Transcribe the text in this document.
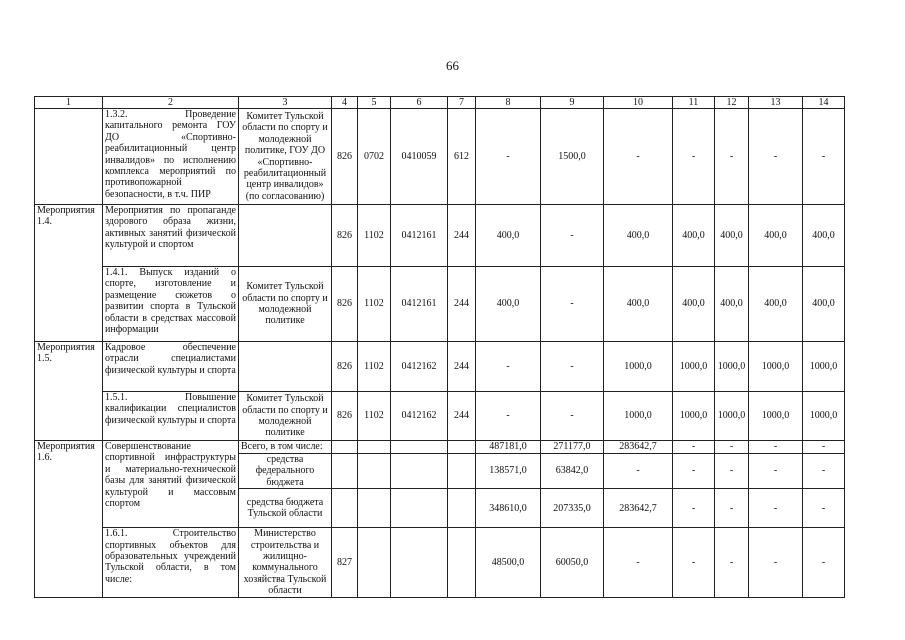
66
1	2	3	4	5	6	7	8	9	10	11	12	13	14
	1.3.2. Проведение капитального ремонта ГОУ ДО «Спортивно-реабилитационный центр инвалидов» по исполнению комплекса мероприятий по противопожарной безопасности, в т.ч. ПИР	Комитет Тульской области по спорту и молодежной политике, ГОУ ДО «Спортивно-реабилитационный центр инвалидов» (по согласованию)	826	0702	0410059	612	-	1500,0	-	-	-	-	-
Мероприятия 1.4.	Мероприятия по пропаганде здорового образа жизни, активных занятий физической культурой и спортом		826	1102	0412161	244	400,0	-	400,0	400,0	400,0	400,0	400,0
	1.4.1. Выпуск изданий о спорте, изготовление и размещение сюжетов о развитии спорта в Тульской области в средствах массовой информации	Комитет Тульской области по спорту и молодежной политике	826	1102	0412161	244	400,0	-	400,0	400,0	400,0	400,0	400,0
Мероприятия 1.5.	Кадровое обеспечение отрасли специалистами физической культуры и спорта		826	1102	0412162	244	-	-	1000,0	1000,0	1000,0	1000,0	1000,0
	1.5.1. Повышение квалификации специалистов физической культуры и спорта	Комитет Тульской области по спорту и молодежной политике	826	1102	0412162	244	-	-	1000,0	1000,0	1000,0	1000,0	1000,0
Мероприятия 1.6.	Совершенствование спортивной инфраструктуры и материально-технической базы для занятий физической культурой и массовым спортом	Всего, в том числе:					487181,0	271177,0	283642,7	-	-	-	-
		средства федерального бюджета					138571,0	63842,0	-	-	-	-	-
		средства бюджета Тульской области					348610,0	207335,0	283642,7	-	-	-	-
	1.6.1. Строительство спортивных объектов для образовательных учреждений Тульской области, в том числе:	Министерство строительства и жилищно-коммунального хозяйства Тульской области	827				48500,0	60050,0	-	-	-	-	-
